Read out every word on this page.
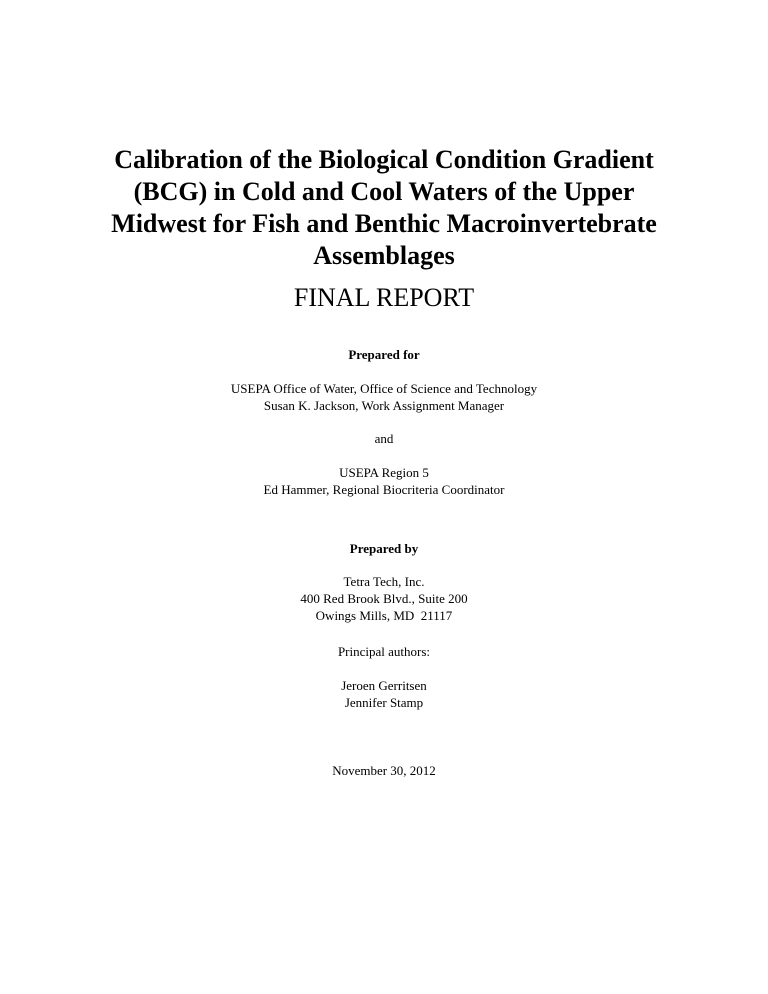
Calibration of the Biological Condition Gradient
(BCG) in Cold and Cool Waters of the Upper
Midwest for Fish and Benthic Macroinvertebrate
Assemblages
FINAL REPORT
Prepared for
USEPA Office of Water, Office of Science and Technology
Susan K. Jackson, Work Assignment Manager
and
USEPA Region 5
Ed Hammer, Regional Biocriteria Coordinator
Prepared by
Tetra Tech, Inc.
400 Red Brook Blvd., Suite 200
Owings Mills, MD  21117
Principal authors:
Jeroen Gerritsen
Jennifer Stamp
November 30, 2012
